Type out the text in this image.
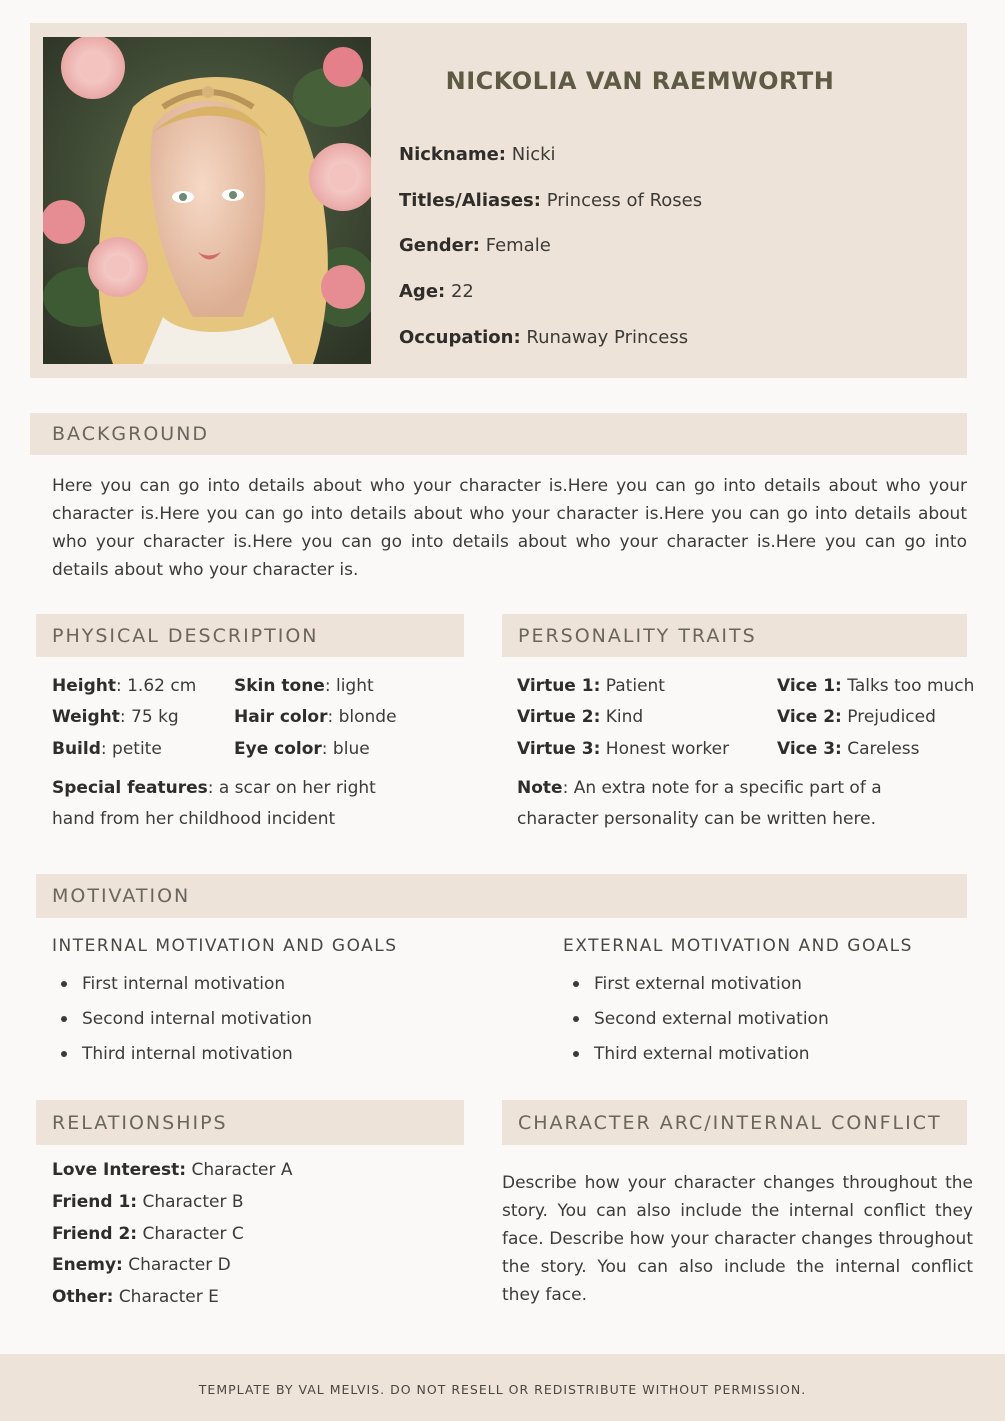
NICKOLIA VAN RAEMWORTH
Nickname: Nicki
Titles/Aliases: Princess of Roses
Gender: Female
Age: 22
Occupation: Runaway Princess
BACKGROUND
Here you can go into details about who your character is.Here you can go into details about who your character is.Here you can go into details about who your character is.Here you can go into details about who your character is.Here you can go into details about who your character is.Here you can go into details about who your character is.
PHYSICAL DESCRIPTION
Height: 1.62 cm
Weight: 75 kg
Build: petite
Skin tone: light
Hair color: blonde
Eye color: blue
Special features: a scar on her right
hand from her childhood incident
PERSONALITY TRAITS
Virtue 1: Patient
Virtue 2: Kind
Virtue 3: Honest worker
Vice 1: Talks too much
Vice 2: Prejudiced
Vice 3: Careless
Note: An extra note for a specific part of a
character personality can be written here.
MOTIVATION
INTERNAL MOTIVATION AND GOALS
First internal motivation
Second internal motivation
Third internal motivation
EXTERNAL MOTIVATION AND GOALS
First external motivation
Second external motivation
Third external motivation
RELATIONSHIPS
Love Interest: Character A
Friend 1: Character B
Friend 2: Character C
Enemy: Character D
Other: Character E
CHARACTER ARC/INTERNAL CONFLICT
Describe how your character changes throughout the story. You can also include the internal conflict they face. Describe how your character changes throughout the story. You can also include the internal conflict they face.
TEMPLATE BY VAL MELVIS. DO NOT RESELL OR REDISTRIBUTE WITHOUT PERMISSION.
